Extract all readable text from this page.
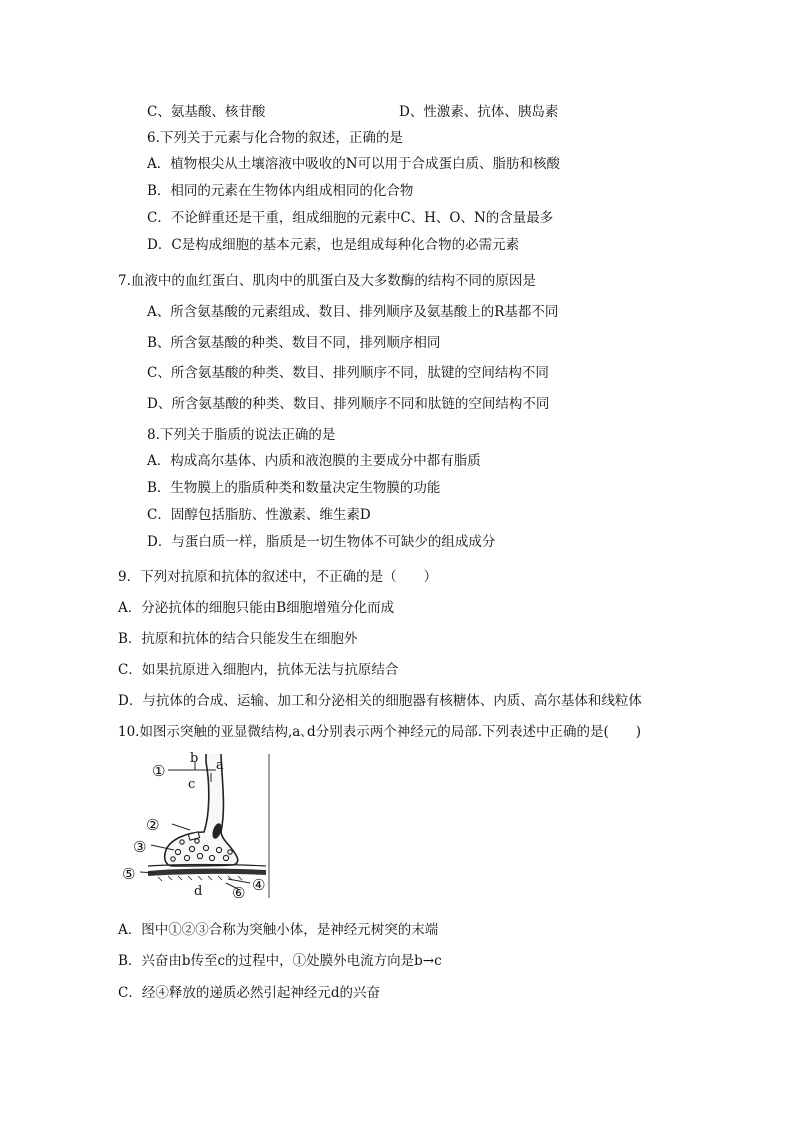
C、氨基酸、核苷酸	D、性激素、抗体、胰岛素
6.下列关于元素与化合物的叙述，正确的是
A．植物根尖从土壤溶液中吸收的N可以用于合成蛋白质、脂肪和核酸
B．相同的元素在生物体内组成相同的化合物
C．不论鲜重还是干重，组成细胞的元素中C、H、O、N的含量最多
D．C是构成细胞的基本元素，也是组成每种化合物的必需元素
7.血液中的血红蛋白、肌肉中的肌蛋白及大多数酶的结构不同的原因是
A、所含氨基酸的元素组成、数目、排列顺序及氨基酸上的R基都不同
B、所含氨基酸的种类、数目不同，排列顺序相同
C、所含氨基酸的种类、数目、排列顺序不同，肽键的空间结构不同
D、所含氨基酸的种类、数目、排列顺序不同和肽链的空间结构不同
8.下列关于脂质的说法正确的是
A．构成高尔基体、内质和液泡膜的主要成分中都有脂质
B．生物膜上的脂质种类和数量决定生物膜的功能
C．固醇包括脂肪、性激素、维生素D
D．与蛋白质一样，脂质是一切生物体不可缺少的组成成分
9．下列对抗原和抗体的叙述中，不正确的是（　　）
A．分泌抗体的细胞只能由B细胞增殖分化而成
B．抗原和抗体的结合只能发生在细胞外
C．如果抗原进入细胞内，抗体无法与抗原结合
D．与抗体的合成、运输、加工和分泌相关的细胞器有核糖体、内质、高尔基体和线粒体
10.如图示突触的亚显微结构,a､d分别表示两个神经元的局部.下列表述中正确的是(　　)
①
②
③
④
⑤
⑥
b a
c
d
A．图中①②③合称为突触小体，是神经元树突的末端
B．兴奋由b传至c的过程中，①处膜外电流方向是b→c
C．经④释放的递质必然引起神经元d的兴奋
